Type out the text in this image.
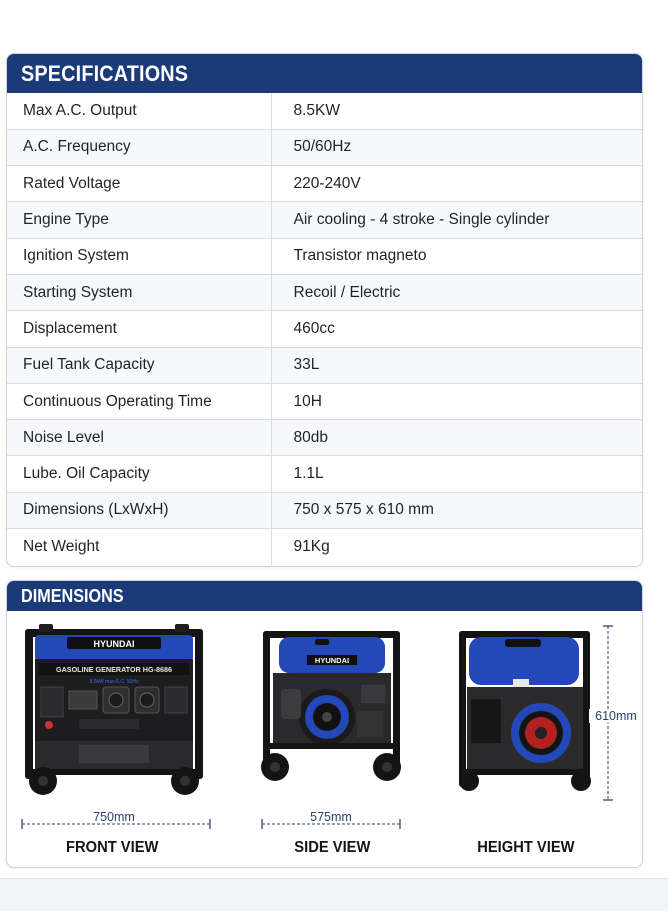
SPECIFICATIONS
Max A.C. Output	8.5KW
A.C. Frequency	50/60Hz
Rated Voltage	220-240V
Engine Type	Air cooling - 4 stroke - Single cylinder
Ignition System	Transistor magneto
Starting System	Recoil / Electric
Displacement	460cc
Fuel Tank Capacity	33L
Continuous Operating Time	10H
Noise Level	80db
Lube. Oil Capacity	1.1L
Dimensions (LxWxH)	750 x 575 x 610 mm
Net Weight	91Kg
DIMENSIONS
HYUNDAI
GASOLINE GENERATOR HG-8686
8.5kW max A.C. 50Hz
750mm
HYUNDAI
575mm
610mm
FRONT VIEW	SIDE VIEW	HEIGHT VIEW
